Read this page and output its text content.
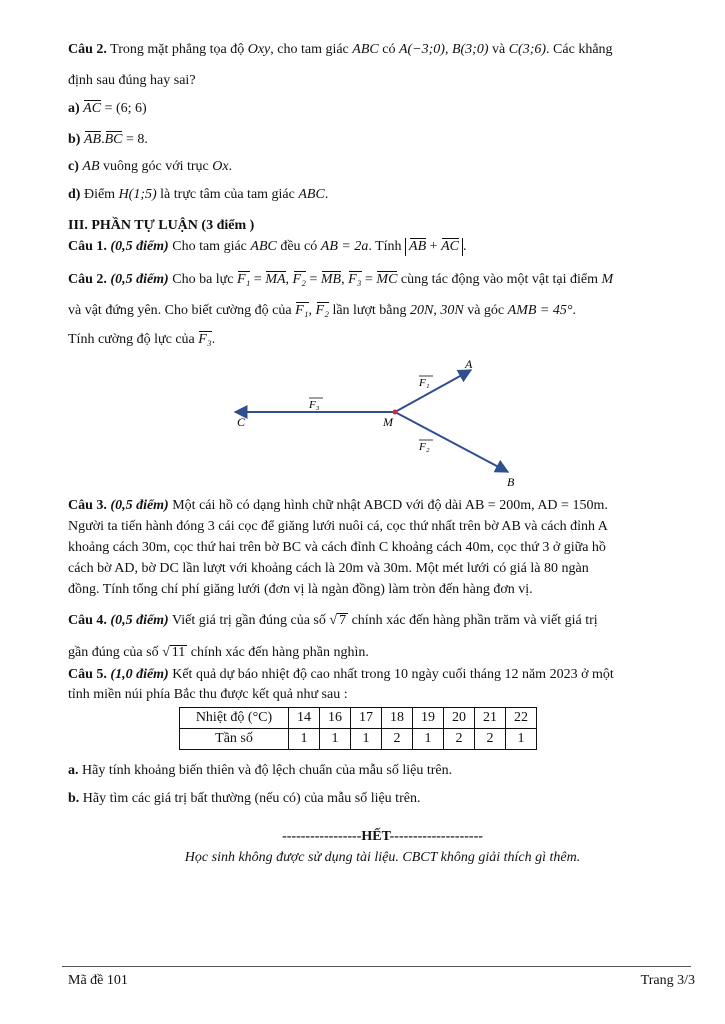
Câu 2. Trong mặt phẳng tọa độ Oxy, cho tam giác ABC có A(−3;0), B(3;0) và C(3;6). Các khẳng
định sau đúng hay sai?
a) AC = (6; 6)
b) AB.BC = 8.
c) AB vuông góc với trục Ox.
d) Điểm H(1;5) là trực tâm của tam giác ABC.
III. PHẦN TỰ LUẬN (3 điểm )
Câu 1. (0,5 điểm) Cho tam giác ABC đều có AB = 2a. Tính AB + AC .
Câu 2. (0,5 điểm) Cho ba lực F₁ = MA, F₂ = MB, F₃ = MC cùng tác động vào một vật tại điểm M
và vật đứng yên. Cho biết cường độ của F₁, F₂ lần lượt bằng 20N, 30N và góc AMB = 45°.
Tính cường độ lực của F₃.
A
B
C	M
F₁
F₂
F₃
Câu 3. (0,5 điểm) Một cái hồ có dạng hình chữ nhật ABCD với độ dài AB = 200m, AD = 150m.
Người ta tiến hành đóng 3 cái cọc để giăng lưới nuôi cá, cọc thứ nhất trên bờ AB và cách đỉnh A
khoảng cách 30m, cọc thứ hai trên bờ BC và cách đỉnh C khoảng cách 40m, cọc thứ 3 ở giữa hồ
cách bờ AD, bờ DC lần lượt với khoảng cách là 20m và 30m. Một mét lưới có giá là 80 ngàn
đồng. Tính tổng chí phí giăng lưới (đơn vị là ngàn đồng) làm tròn đến hàng đơn vị.
Câu 4. (0,5 điểm) Viết giá trị gần đúng của số √ 7 chính xác đến hàng phần trăm và viết giá trị
gần đúng của số √ 11 chính xác đến hàng phần nghìn.
Câu 5. (1,0 điểm) Kết quả dự báo nhiệt độ cao nhất trong 10 ngày cuối tháng 12 năm 2023 ở một
tỉnh miền núi phía Bắc thu được kết quả như sau :
Nhiệt độ (°C)	14	16	17	18	19	20	21	22
Tần số	1	1	1	2	1	2	2	1
a. Hãy tính khoảng biến thiên và độ lệch chuẩn của mẫu số liệu trên.
b. Hãy tìm các giá trị bất thường (nếu có) của mẫu số liệu trên.
-----------------HẾT--------------------
Học sinh không được sử dụng tài liệu. CBCT không giải thích gì thêm.
Mã đề 101	Trang 3/3
